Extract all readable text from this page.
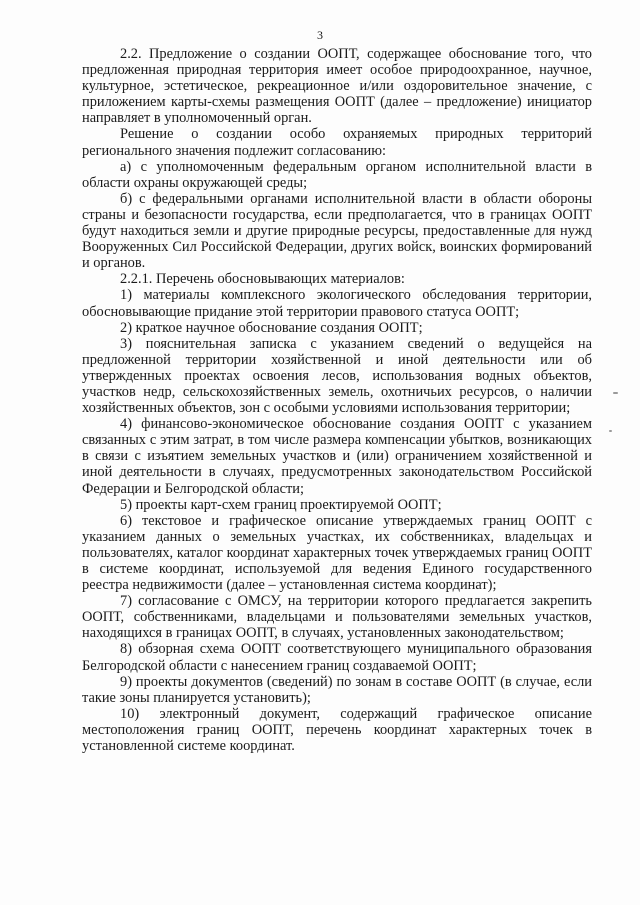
3

2.2. Предложение о создании ООПТ, содержащее обоснование того, что предложенная природная территория имеет особое природоохранное, научное, культурное, эстетическое, рекреационное и/или оздоровительное значение, с приложением карты-схемы размещения ООПТ (далее – предложение) инициатор направляет в уполномоченный орган.

Решение о создании особо охраняемых природных территорий регионального значения подлежит согласованию:

а) с уполномоченным федеральным органом исполнительной власти в области охраны окружающей среды;

б) с федеральными органами исполнительной власти в области обороны страны и безопасности государства, если предполагается, что в границах ООПТ будут находиться земли и другие природные ресурсы, предоставленные для нужд Вооруженных Сил Российской Федерации, других войск, воинских формирований и органов.

2.2.1. Перечень обосновывающих материалов:

1) материалы комплексного экологического обследования территории, обосновывающие придание этой территории правового статуса ООПТ;

2) краткое научное обоснование создания ООПТ;

3) пояснительная записка с указанием сведений о ведущейся на предложенной территории хозяйственной и иной деятельности или об утвержденных проектах освоения лесов, использования водных объектов, участков недр, сельскохозяйственных земель, охотничьих ресурсов, о наличии хозяйственных объектов, зон с особыми условиями использования территории;

4) финансово-экономическое обоснование создания ООПТ с указанием связанных с этим затрат, в том числе размера компенсации убытков, возникающих в связи с изъятием земельных участков и (или) ограничением хозяйственной и иной деятельности в случаях, предусмотренных законодательством Российской Федерации и Белгородской области;

5) проекты карт-схем границ проектируемой ООПТ;

6) текстовое и графическое описание утверждаемых границ ООПТ с указанием данных о земельных участках, их собственниках, владельцах и пользователях, каталог координат характерных точек утверждаемых границ ООПТ в системе координат, используемой для ведения Единого государственного реестра недвижимости (далее – установленная система координат);

7) согласование с ОМСУ, на территории которого предлагается закрепить ООПТ, собственниками, владельцами и пользователями земельных участков, находящихся в границах ООПТ, в случаях, установленных законодательством;

8) обзорная схема ООПТ соответствующего муниципального образования Белгородской области с нанесением границ создаваемой ООПТ;

9) проекты документов (сведений) по зонам в составе ООПТ (в случае, если такие зоны планируется установить);

10) электронный документ, содержащий графическое описание местоположения границ ООПТ, перечень координат характерных точек в установленной системе координат.
